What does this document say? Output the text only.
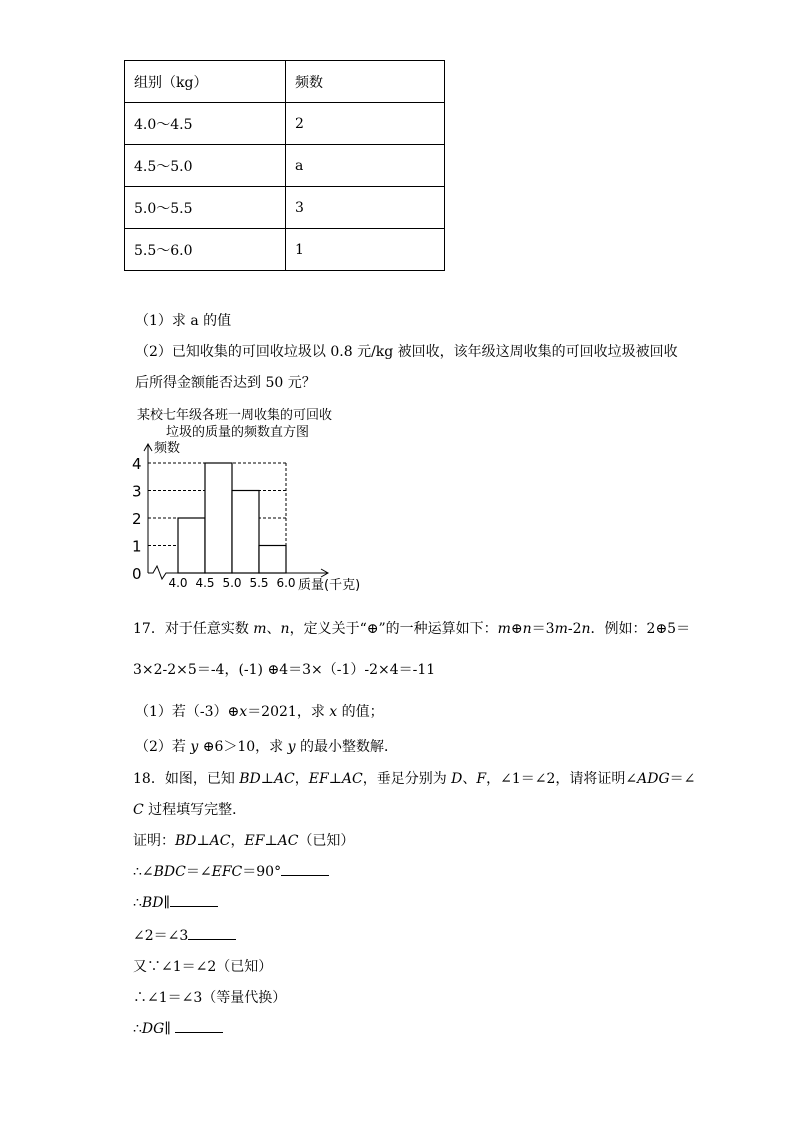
组别（kg）	频数
4.0～4.5	2
4.5～5.0	a
5.0～5.5	3
5.5～6.0	1
（1）求 a 的值
（2）已知收集的可回收垃圾以 0.8 元/kg 被回收，该年级这周收集的可回收垃圾被回收
后所得金额能否达到 50 元？
某校七年级各班一周收集的可回收
垃圾的质量的频数直方图
0
1
2
3
4
4.0 4.5 5.0 5.5 6.0
频数
质量(千克)
17．对于任意实数 m、n，定义关于“⊕”的一种运算如下：m⊕n＝3m-2n．例如：2⊕5＝
3×2-2×5＝-4，(-1) ⊕4＝3×（-1）-2×4＝-11
（1）若（-3）⊕x＝2021，求 x 的值；
（2）若 y ⊕6＞10，求 y 的最小整数解．
18．如图，已知 BD⊥AC，EF⊥AC，垂足分别为 D、F，∠1＝∠2，请将证明∠ADG＝∠
C 过程填写完整．
证明：BD⊥AC，EF⊥AC（已知）
∴∠BDC＝∠EFC＝90°
∴BD∥
∠2＝∠3
又∵∠1＝∠2（已知）
∴∠1＝∠3（等量代换）
∴DG∥
